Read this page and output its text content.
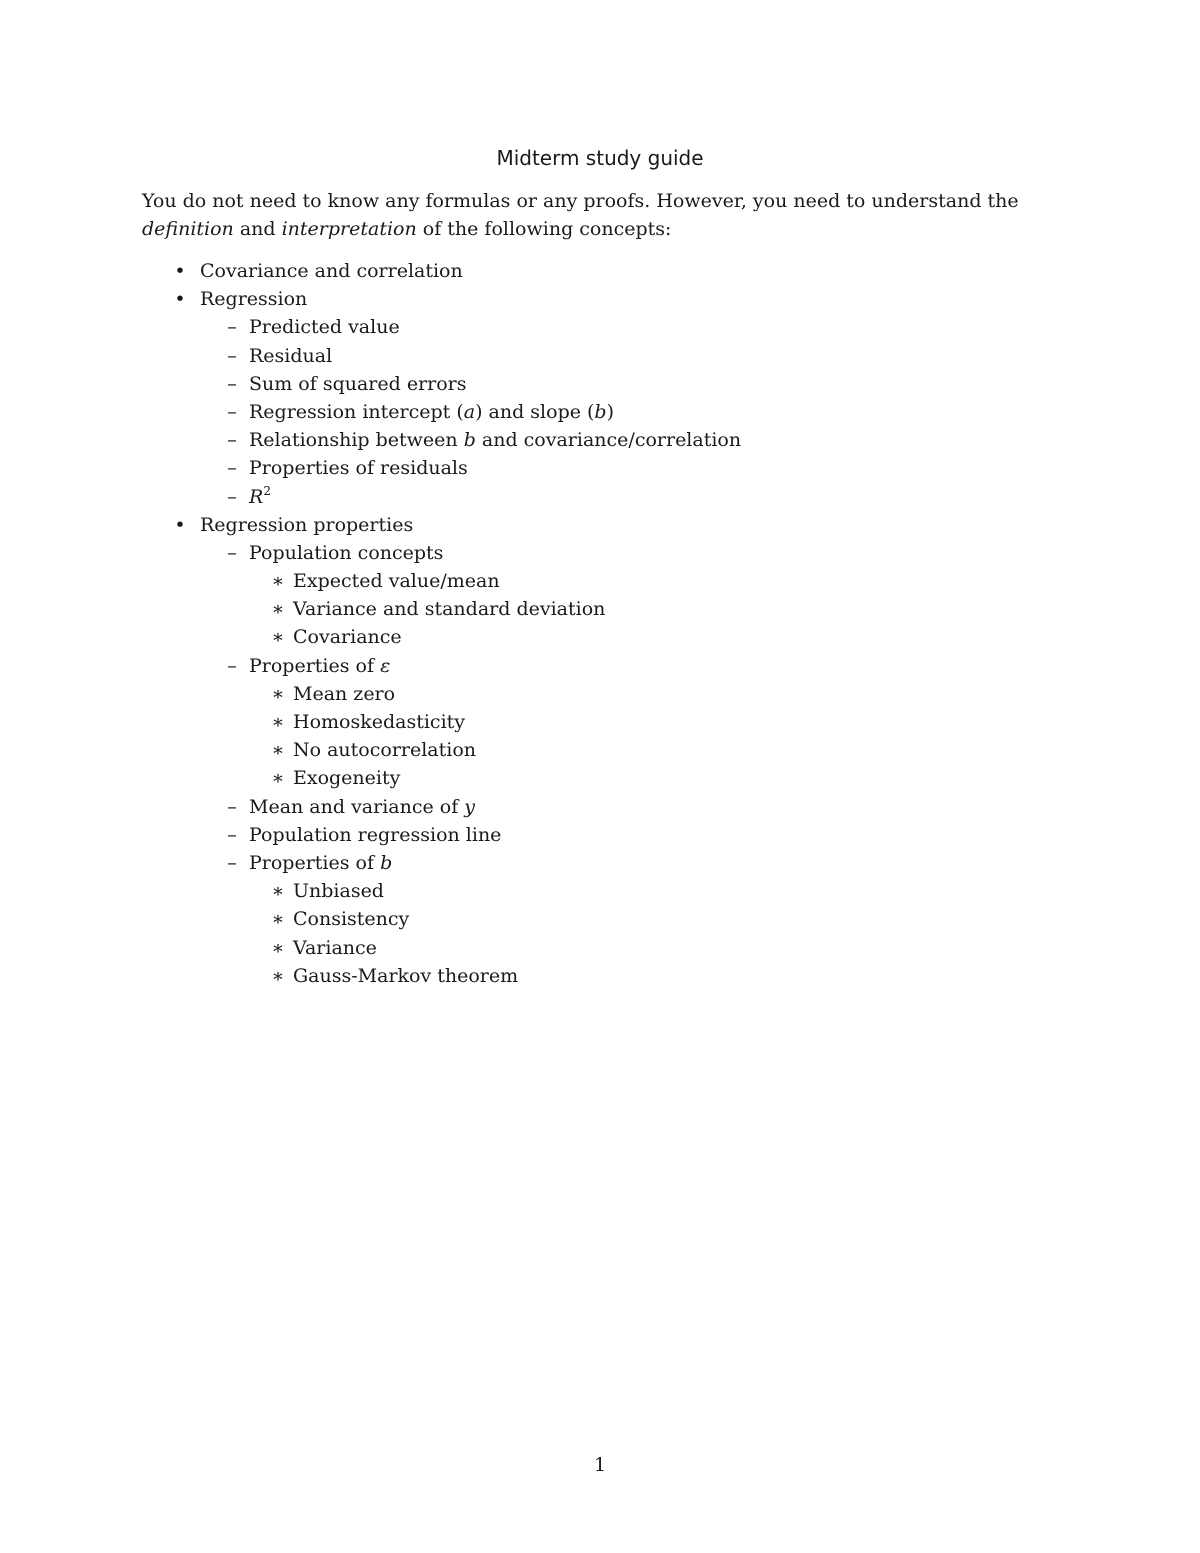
Midterm study guide
You do not need to know any formulas or any proofs. However, you need to understand the
definition and interpretation of the following concepts:
• Covariance and correlation
• Regression
– Predicted value
– Residual
– Sum of squared errors
– Regression intercept (a) and slope (b)
– Relationship between b and covariance/correlation
– Properties of residuals
– $R^2$
• Regression properties
– Population concepts
∗ Expected value/mean
∗ Variance and standard deviation
∗ Covariance
– Properties of ε
∗ Mean zero
∗ Homoskedasticity
∗ No autocorrelation
∗ Exogeneity
– Mean and variance of y
– Population regression line
– Properties of b
∗ Unbiased
∗ Consistency
∗ Variance
∗ Gauss-Markov theorem
1
